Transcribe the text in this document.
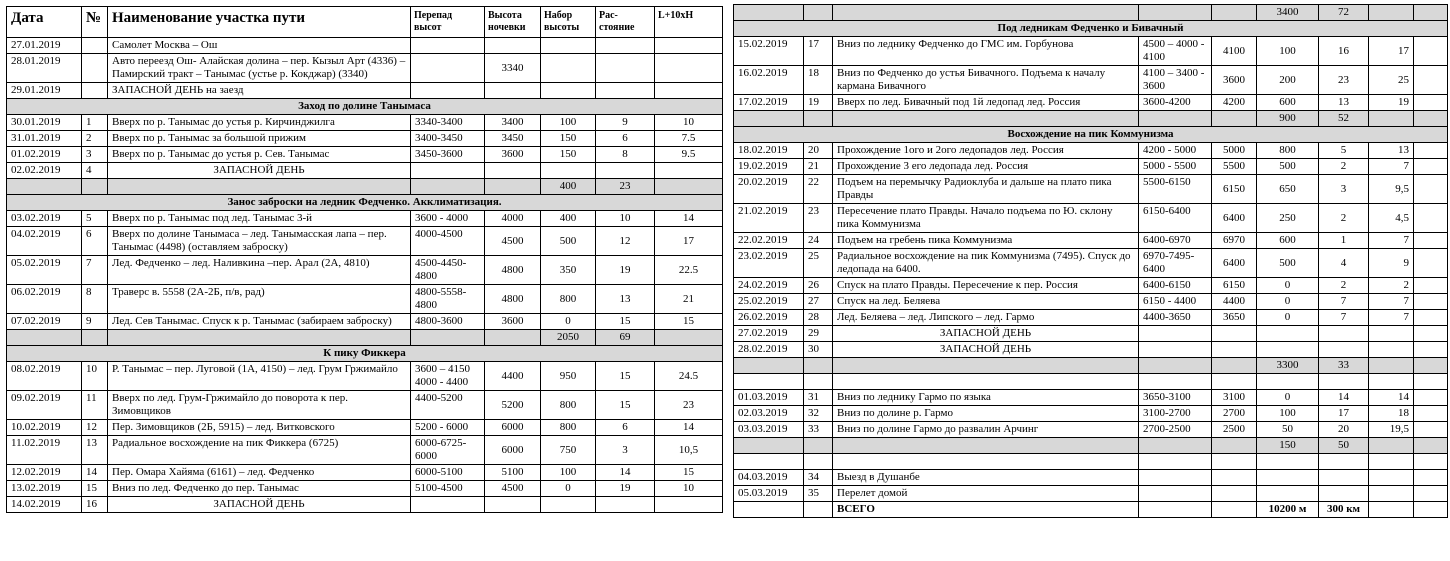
Дата	№	Наименование участка пути	Перепад высот	Высота ночевки	Набор высоты	Рас-стояние	L+10хН
27.01.2019		Самолет Москва – Ош					
28.01.2019		Авто переезд Ош- Алайская долина – пер. Кызыл Арт (4336) – Памирский тракт – Танымас (устье р. Кокджар) (3340)		3340			
29.01.2019		ЗАПАСНОЙ ДЕНЬ на заезд					
Заход по долине Танымаса							
30.01.2019	1	Вверх по р. Танымас до устья р. Кирчинджилга	3340-3400	3400	100	9	10
31.01.2019	2	Вверх по р. Танымас за большой прижим	3400-3450	3450	150	6	7.5
01.02.2019	3	Вверх по р. Танымас до устья р. Сев. Танымас	3450-3600	3600	150	8	9.5
02.02.2019	4	ЗАПАСНОЙ ДЕНЬ					
					400	23	
Занос заброски на ледник Федченко. Акклиматизация.							
03.02.2019	5	Вверх по р. Танымас под лед. Танымас 3-й	3600 - 4000	4000	400	10	14
04.02.2019	6	Вверх по долине Танымаса – лед. Танымасская лапа – пер. Танымас (4498) (оставляем заброску)	4000-4500	4500	500	12	17
05.02.2019	7	Лед. Федченко – лед. Наливкина –пер. Арал (2А, 4810)	4500-4450-4800	4800	350	19	22.5
06.02.2019	8	Траверс в. 5558 (2А-2Б, п/в, рад)	4800-5558-4800	4800	800	13	21
07.02.2019	9	Лед. Сев Танымас. Спуск к р. Танымас (забираем заброску)	4800-3600	3600	0	15	15
					2050	69	
К пику Фиккера							
08.02.2019	10	Р. Танымас – пер. Луговой (1А, 4150) – лед. Грум Гржимайло	3600 – 4150 4000 - 4400	4400	950	15	24.5
09.02.2019	11	Вверх по лед. Грум-Гржимайло до поворота к пер. Зимовщиков	4400-5200	5200	800	15	23
10.02.2019	12	Пер. Зимовщиков (2Б, 5915) – лед. Витковского	5200 - 6000	6000	800	6	14
11.02.2019	13	Радиальное восхождение на пик Фиккера (6725)	6000-6725-6000	6000	750	3	10,5
12.02.2019	14	Пер. Омара Хайяма (6161) – лед. Федченко	6000-5100	5100	100	14	15
13.02.2019	15	Вниз по лед. Федченко до пер. Танымас	5100-4500	4500	0	19	10
14.02.2019	16	ЗАПАСНОЙ ДЕНЬ					
					3400	72		
Под ледникам Федченко и Бивачный								
15.02.2019	17	Вниз по леднику Федченко до ГМС им. Горбунова	4500 – 4000 - 4100	4100	100	16	17	
16.02.2019	18	Вниз по Федченко до устья Бивачного. Подъема к началу кармана Бивачного	4100 – 3400 - 3600	3600	200	23	25	
17.02.2019	19	Вверх по лед. Бивачный под 1й ледопад лед. Россия	3600-4200	4200	600	13	19	
					900	52		
Восхождение на пик Коммунизма								
18.02.2019	20	Прохождение 1ого и 2ого ледопадов лед. Россия	4200 - 5000	5000	800	5	13	
19.02.2019	21	Прохождение 3 его ледопада лед. Россия	5000 - 5500	5500	500	2	7	
20.02.2019	22	Подъем на перемычку Радиоклуба и дальше на плато пика Правды	5500-6150	6150	650	3	9,5	
21.02.2019	23	Пересечение плато Правды. Начало подъема по Ю. склону пика Коммунизма	6150-6400	6400	250	2	4,5	
22.02.2019	24	Подъем на гребень пика Коммунизма	6400-6970	6970	600	1	7	
23.02.2019	25	Радиальное восхождение на пик Коммунизма (7495). Спуск до ледопада на 6400.	6970-7495-6400	6400	500	4	9	
24.02.2019	26	Спуск на плато Правды. Пересечение к пер. Россия	6400-6150	6150	0	2	2	
25.02.2019	27	Спуск на лед. Беляева	6150 - 4400	4400	0	7	7	
26.02.2019	28	Лед. Беляева – лед. Липского – лед. Гармо	4400-3650	3650	0	7	7	
27.02.2019	29	ЗАПАСНОЙ ДЕНЬ						
28.02.2019	30	ЗАПАСНОЙ ДЕНЬ						
					3300	33		

01.03.2019	31	Вниз по леднику Гармо по языка	3650-3100	3100	0	14	14	
02.03.2019	32	Вниз по долине р. Гармо	3100-2700	2700	100	17	18	
03.03.2019	33	Вниз по долине Гармо до развалин Арчинг	2700-2500	2500	50	20	19,5	
					150	50		

04.03.2019	34	Выезд в Душанбе						
05.03.2019	35	Перелет домой						
		ВСЕГО			10200 м	300 км		
